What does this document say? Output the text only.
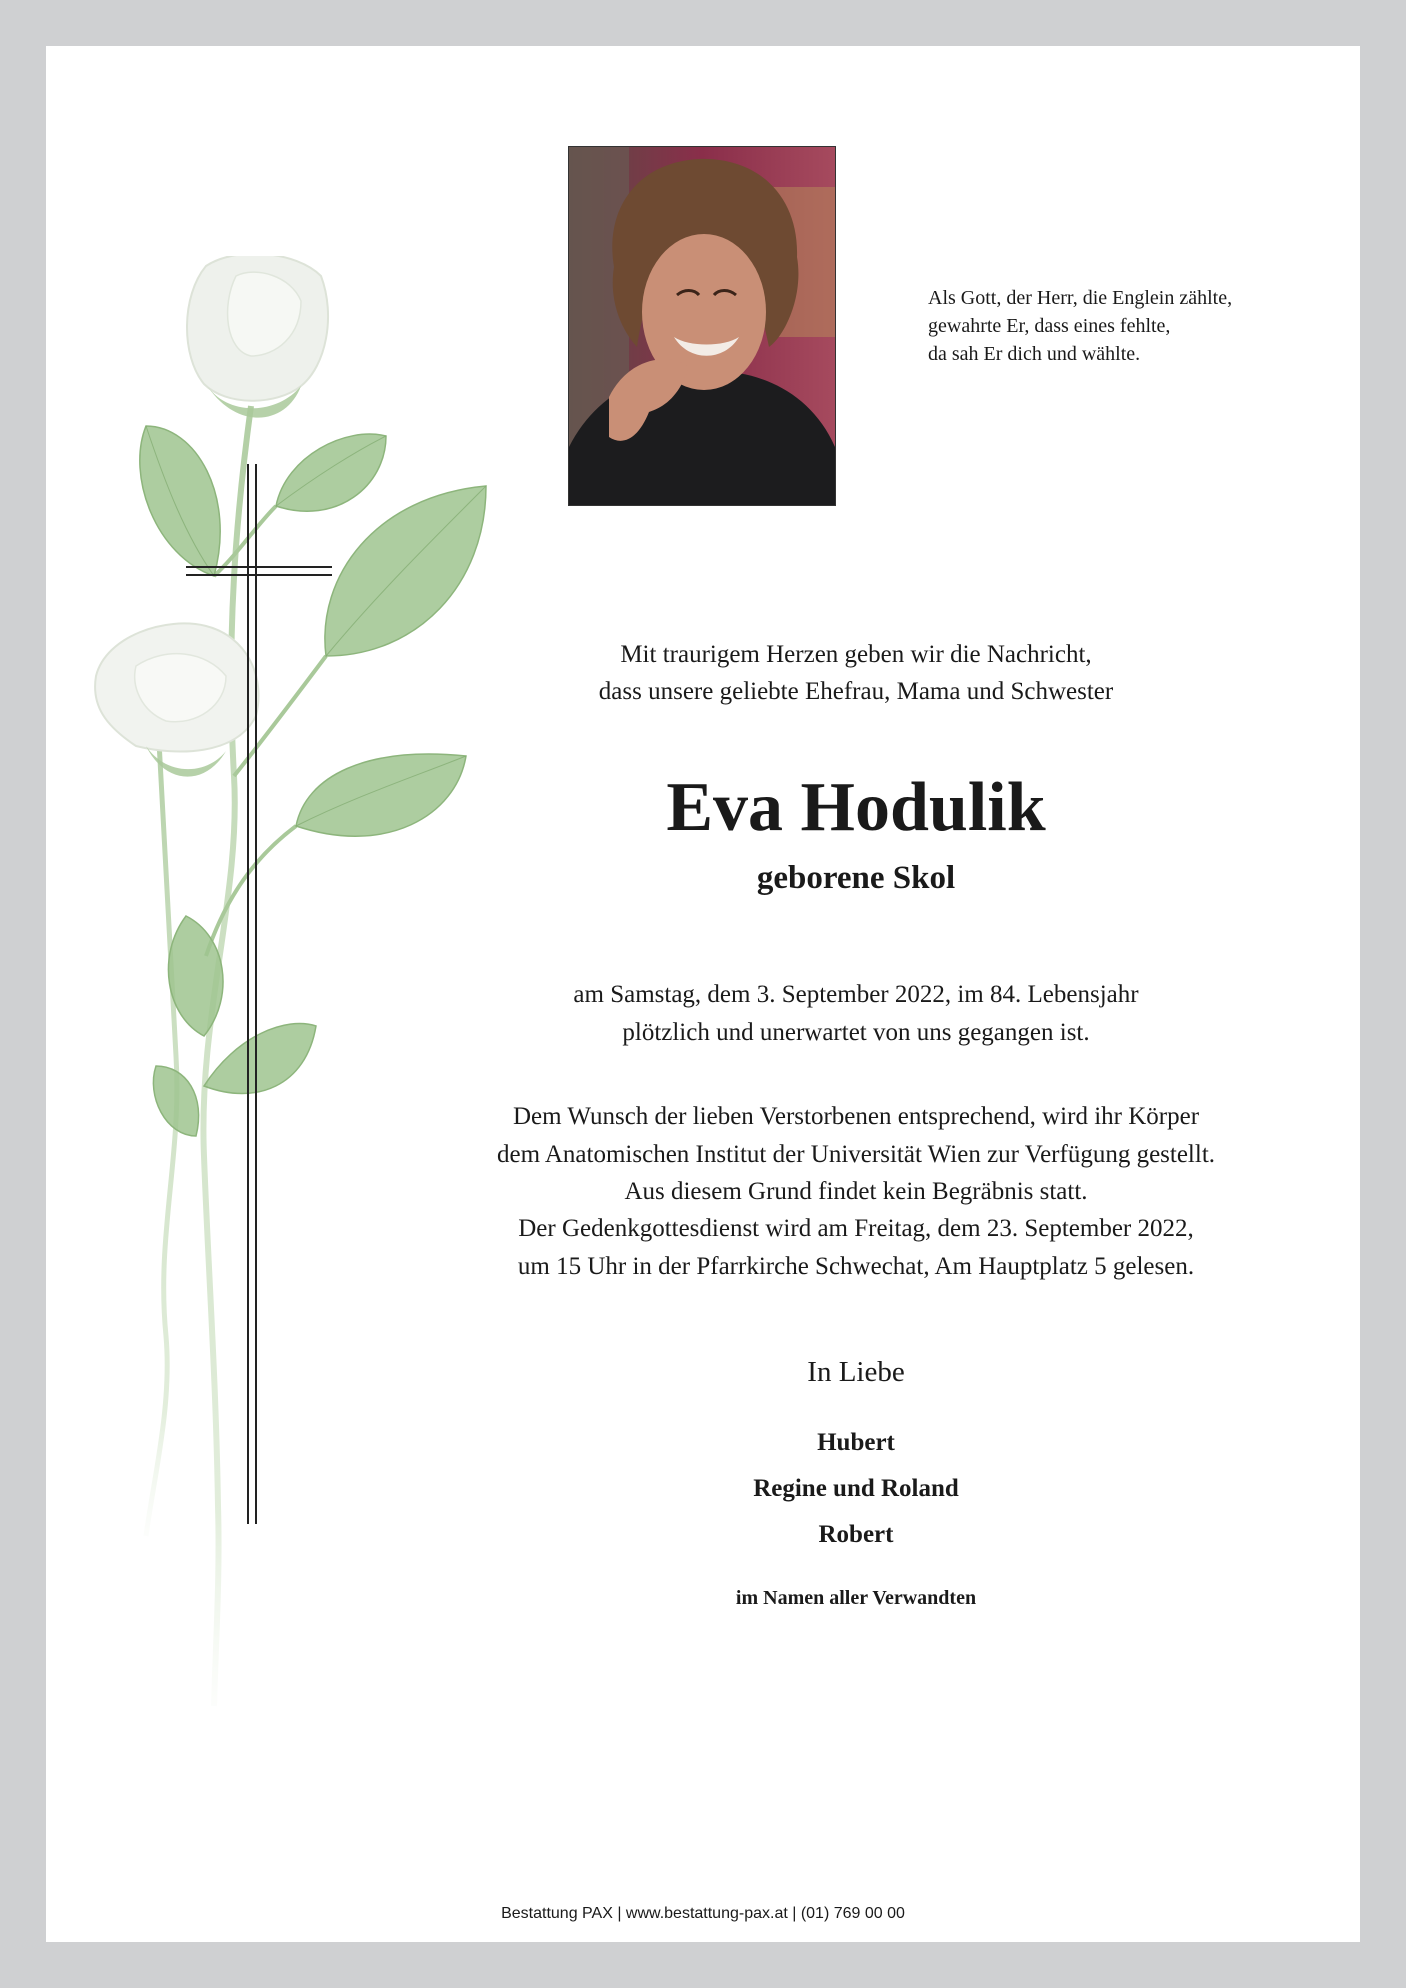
Als Gott, der Herr, die Englein zählte,
gewahrte Er, dass eines fehlte,
da sah Er dich und wählte.
Mit traurigem Herzen geben wir die Nachricht,
dass unsere geliebte Ehefrau, Mama und Schwester
Eva Hodulik
geborene Skol
am Samstag, dem 3. September 2022, im 84. Lebensjahr
plötzlich und unerwartet von uns gegangen ist.
Dem Wunsch der lieben Verstorbenen entsprechend, wird ihr Körper
dem Anatomischen Institut der Universität Wien zur Verfügung gestellt.
Aus diesem Grund findet kein Begräbnis statt.
Der Gedenkgottesdienst wird am Freitag, dem 23. September 2022,
um 15 Uhr in der Pfarrkirche Schwechat, Am Hauptplatz 5 gelesen.
In Liebe
Hubert
Regine und Roland
Robert
im Namen aller Verwandten
Bestattung PAX | www.bestattung-pax.at | (01) 769 00 00
